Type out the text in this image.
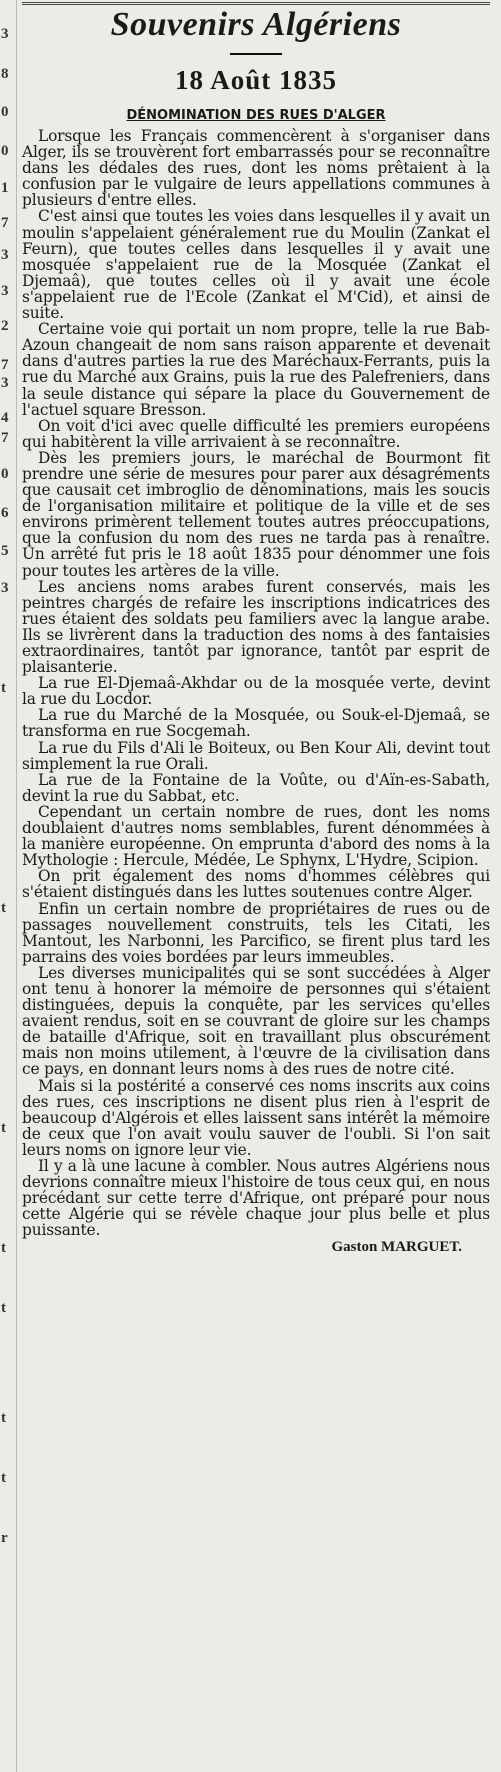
3
8
0
0
1
7
3
3
2
7
3
4
7
0
6
5
3
t
t
t
t
t
t
t
r
Souvenirs Algériens
18 Août 1835
DÉNOMINATION DES RUES D'ALGER

Lorsque les Français commencèrent à s'organiser dans Alger, ils se trouvèrent fort embarrassés pour se reconnaître dans les dédales des rues, dont les noms prêtaient à la confusion par le vulgaire de leurs appellations communes à plusieurs d'entre elles.

C'est ainsi que toutes les voies dans lesquelles il y avait un moulin s'appelaient généralement rue du Moulin (Zankat el Feurn), que toutes celles dans lesquelles il y avait une mosquée s'appelaient rue de la Mosquée (Zankat el Djemaâ), que toutes celles où il y avait une école s'appelaient rue de l'Ecole (Zankat el M'Cid), et ainsi de suite.

Certaine voie qui portait un nom propre, telle la rue Bab-Azoun changeait de nom sans raison apparente et devenait dans d'autres parties la rue des Maréchaux-Ferrants, puis la rue du Marché aux Grains, puis la rue des Palefreniers, dans la seule distance qui sépare la place du Gouvernement de l'actuel square Bresson.

On voit d'ici avec quelle difficulté les premiers européens qui habitèrent la ville arrivaient à se reconnaître.

Dès les premiers jours, le maréchal de Bourmont fit prendre une série de mesures pour parer aux désagréments que causait cet imbroglio de dénominations, mais les soucis de l'organisation militaire et politique de la ville et de ses environs primèrent tellement toutes autres préoccupations, que la confusion du nom des rues ne tarda pas à renaître. Un arrêté fut pris le 18 août 1835 pour dénommer une fois pour toutes les artères de la ville.

Les anciens noms arabes furent conservés, mais les peintres chargés de refaire les inscriptions indicatrices des rues étaient des soldats peu familiers avec la langue arabe. Ils se livrèrent dans la traduction des noms à des fantaisies extraordinaires, tantôt par ignorance, tantôt par esprit de plaisanterie.

La rue El-Djemaâ-Akhdar ou de la mosquée verte, devint la rue du Locdor.

La rue du Marché de la Mosquée, ou Souk-el-Djemaâ, se transforma en rue Socgemah.

La rue du Fils d'Ali le Boiteux, ou Ben Kour Ali, devint tout simplement la rue Orali.

La rue de la Fontaine de la Voûte, ou d'Aïn-es-Sabath, devint la rue du Sabbat, etc.

Cependant un certain nombre de rues, dont les noms doublaient d'autres noms semblables, furent dénommées à la manière européenne. On emprunta d'abord des noms à la Mythologie : Hercule, Médée, Le Sphynx, L'Hydre, Scipion.

On prit également des noms d'hommes célèbres qui s'étaient distingués dans les luttes soutenues contre Alger.

Enfin un certain nombre de propriétaires de rues ou de passages nouvellement construits, tels les Citati, les Mantout, les Narbonni, les Parcifico, se firent plus tard les parrains des voies bordées par leurs immeubles.

Les diverses municipalités qui se sont succédées à Alger ont tenu à honorer la mémoire de personnes qui s'étaient distinguées, depuis la conquête, par les services qu'elles avaient rendus, soit en se couvrant de gloire sur les champs de bataille d'Afrique, soit en travaillant plus obscurément mais non moins utilement, à l'œuvre de la civilisation dans ce pays, en donnant leurs noms à des rues de notre cité.

Mais si la postérité a conservé ces noms inscrits aux coins des rues, ces inscriptions ne disent plus rien à l'esprit de beaucoup d'Algérois et elles laissent sans intérêt la mémoire de ceux que l'on avait voulu sauver de l'oubli. Si l'on sait leurs noms on ignore leur vie.

Il y a là une lacune à combler. Nous autres Algériens nous devrions connaître mieux l'histoire de tous ceux qui, en nous précédant sur cette terre d'Afrique, ont préparé pour nous cette Algérie qui se révèle chaque jour plus belle et plus puissante.

Gaston MARGUET.
